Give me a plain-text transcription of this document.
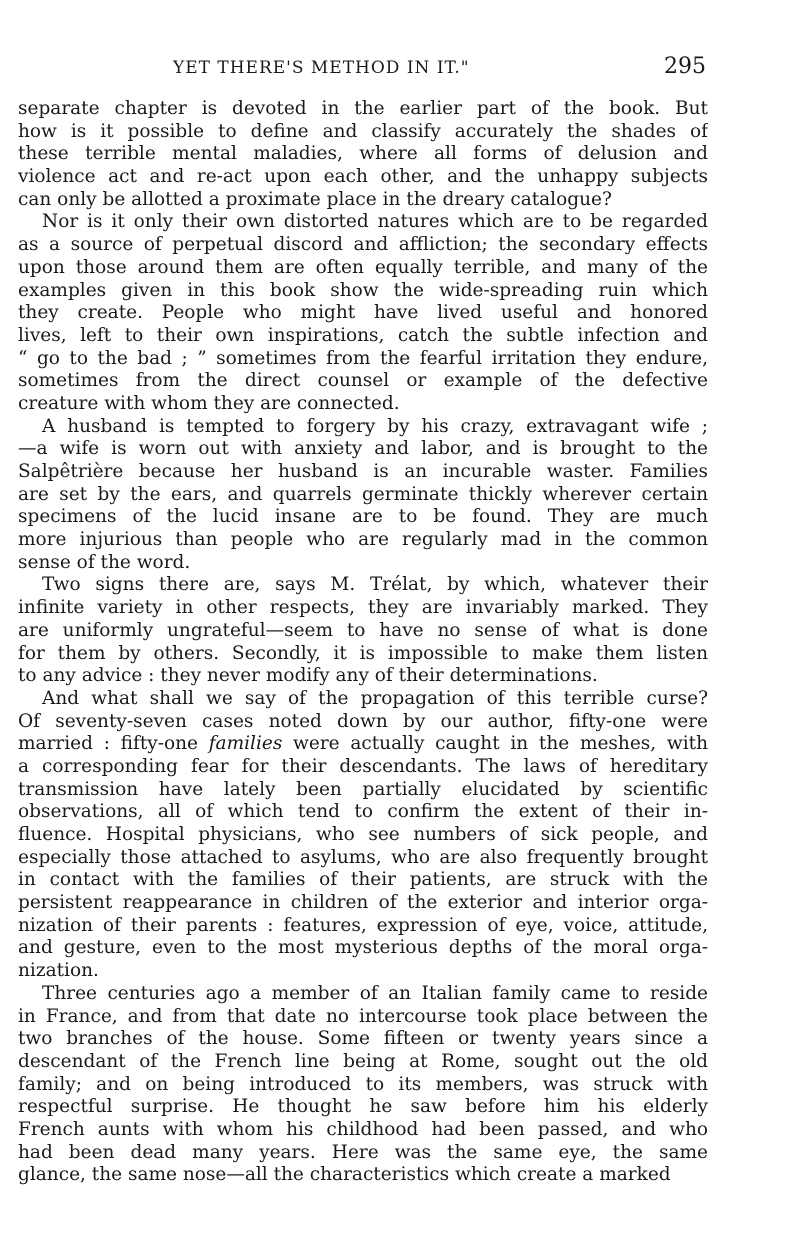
YET THERE'S METHOD IN IT."	295
separate chapter is devoted in the earlier part of the book. But
how is it possible to define and classify accurately the shades of
these terrible mental maladies, where all forms of delusion and
violence act and re-act upon each other, and the unhappy subjects
can only be allotted a proximate place in the dreary catalogue?
Nor is it only their own distorted natures which are to be regarded
as a source of perpetual discord and affliction; the secondary effects
upon those around them are often equally terrible, and many of the
examples given in this book show the wide-spreading ruin which
they create. People who might have lived useful and honored
lives, left to their own inspirations, catch the subtle infection and
“ go to the bad ; ” sometimes from the fearful irritation they endure,
sometimes from the direct counsel or example of the defective
creature with whom they are connected.
A husband is tempted to forgery by his crazy, extravagant wife ;
—a wife is worn out with anxiety and labor, and is brought to the
Salpêtrière because her husband is an incurable waster. Families
are set by the ears, and quarrels germinate thickly wherever certain
specimens of the lucid insane are to be found. They are much
more injurious than people who are regularly mad in the common
sense of the word.
Two signs there are, says M. Trélat, by which, whatever their
infinite variety in other respects, they are invariably marked. They
are uniformly ungrateful—seem to have no sense of what is done
for them by others. Secondly, it is impossible to make them listen
to any advice : they never modify any of their determinations.
And what shall we say of the propagation of this terrible curse?
Of seventy-seven cases noted down by our author, fifty-one were
married : fifty-one families were actually caught in the meshes, with
a corresponding fear for their descendants. The laws of hereditary
transmission have lately been partially elucidated by scientific
observations, all of which tend to confirm the extent of their in-
fluence. Hospital physicians, who see numbers of sick people, and
especially those attached to asylums, who are also frequently brought
in contact with the families of their patients, are struck with the
persistent reappearance in children of the exterior and interior orga-
nization of their parents : features, expression of eye, voice, attitude,
and gesture, even to the most mysterious depths of the moral orga-
nization.
Three centuries ago a member of an Italian family came to reside
in France, and from that date no intercourse took place between the
two branches of the house. Some fifteen or twenty years since a
descendant of the French line being at Rome, sought out the old
family; and on being introduced to its members, was struck with
respectful surprise. He thought he saw before him his elderly
French aunts with whom his childhood had been passed, and who
had been dead many years. Here was the same eye, the same
glance, the same nose—all the characteristics which create a marked
